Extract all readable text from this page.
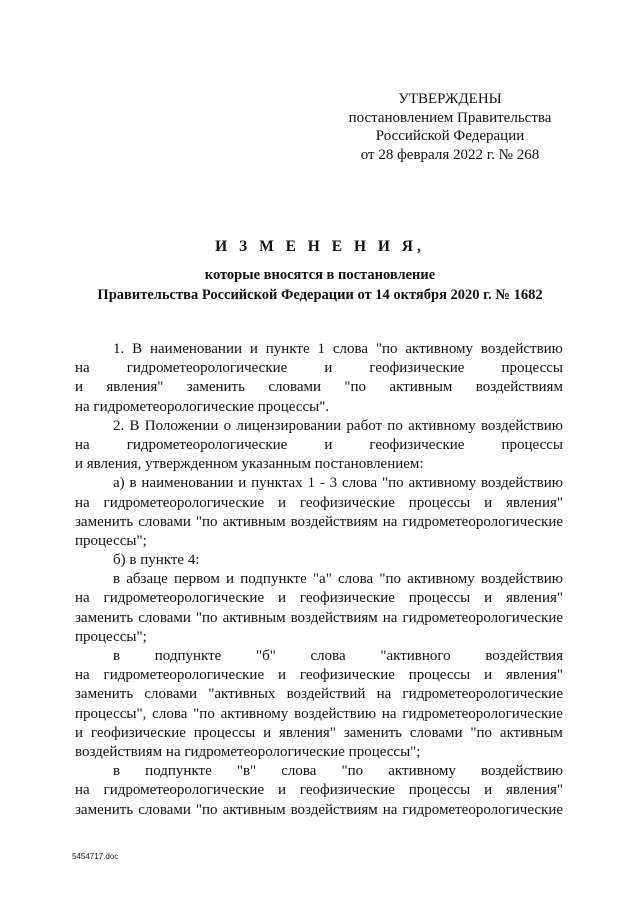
УТВЕРЖДЕНЫ
постановлением Правительства
Российской Федерации
от 28 февраля 2022 г. № 268
И З М Е Н Е Н И Я,
которые вносятся в постановление
Правительства Российской Федерации от 14 октября 2020 г. № 1682
1. В наименовании и пункте 1 слова "по активному воздействию
на гидрометеорологические и геофизические процессы
и явления" заменить словами "по активным воздействиям
на гидрометеорологические процессы".
2. В Положении о лицензировании работ по активному воздействию
на гидрометеорологические и геофизические процессы
и явления, утвержденном указанным постановлением:
а) в наименовании и пунктах 1 - 3 слова "по активному воздействию
на гидрометеорологические и геофизические процессы и явления"
заменить словами "по активным воздействиям на гидрометеорологические
процессы";
б) в пункте 4:
в абзаце первом и подпункте "а" слова "по активному воздействию
на гидрометеорологические и геофизические процессы и явления"
заменить словами "по активным воздействиям на гидрометеорологические
процессы";
в подпункте "б" слова "активного воздействия
на гидрометеорологические и геофизические процессы и явления"
заменить словами "активных воздействий на гидрометеорологические
процессы", слова "по активному воздействию на гидрометеорологические
и геофизические процессы и явления" заменить словами "по активным
воздействиям на гидрометеорологические процессы";
в подпункте "в" слова "по активному воздействию
на гидрометеорологические и геофизические процессы и явления"
заменить словами "по активным воздействиям на гидрометеорологические
5454717.doc
